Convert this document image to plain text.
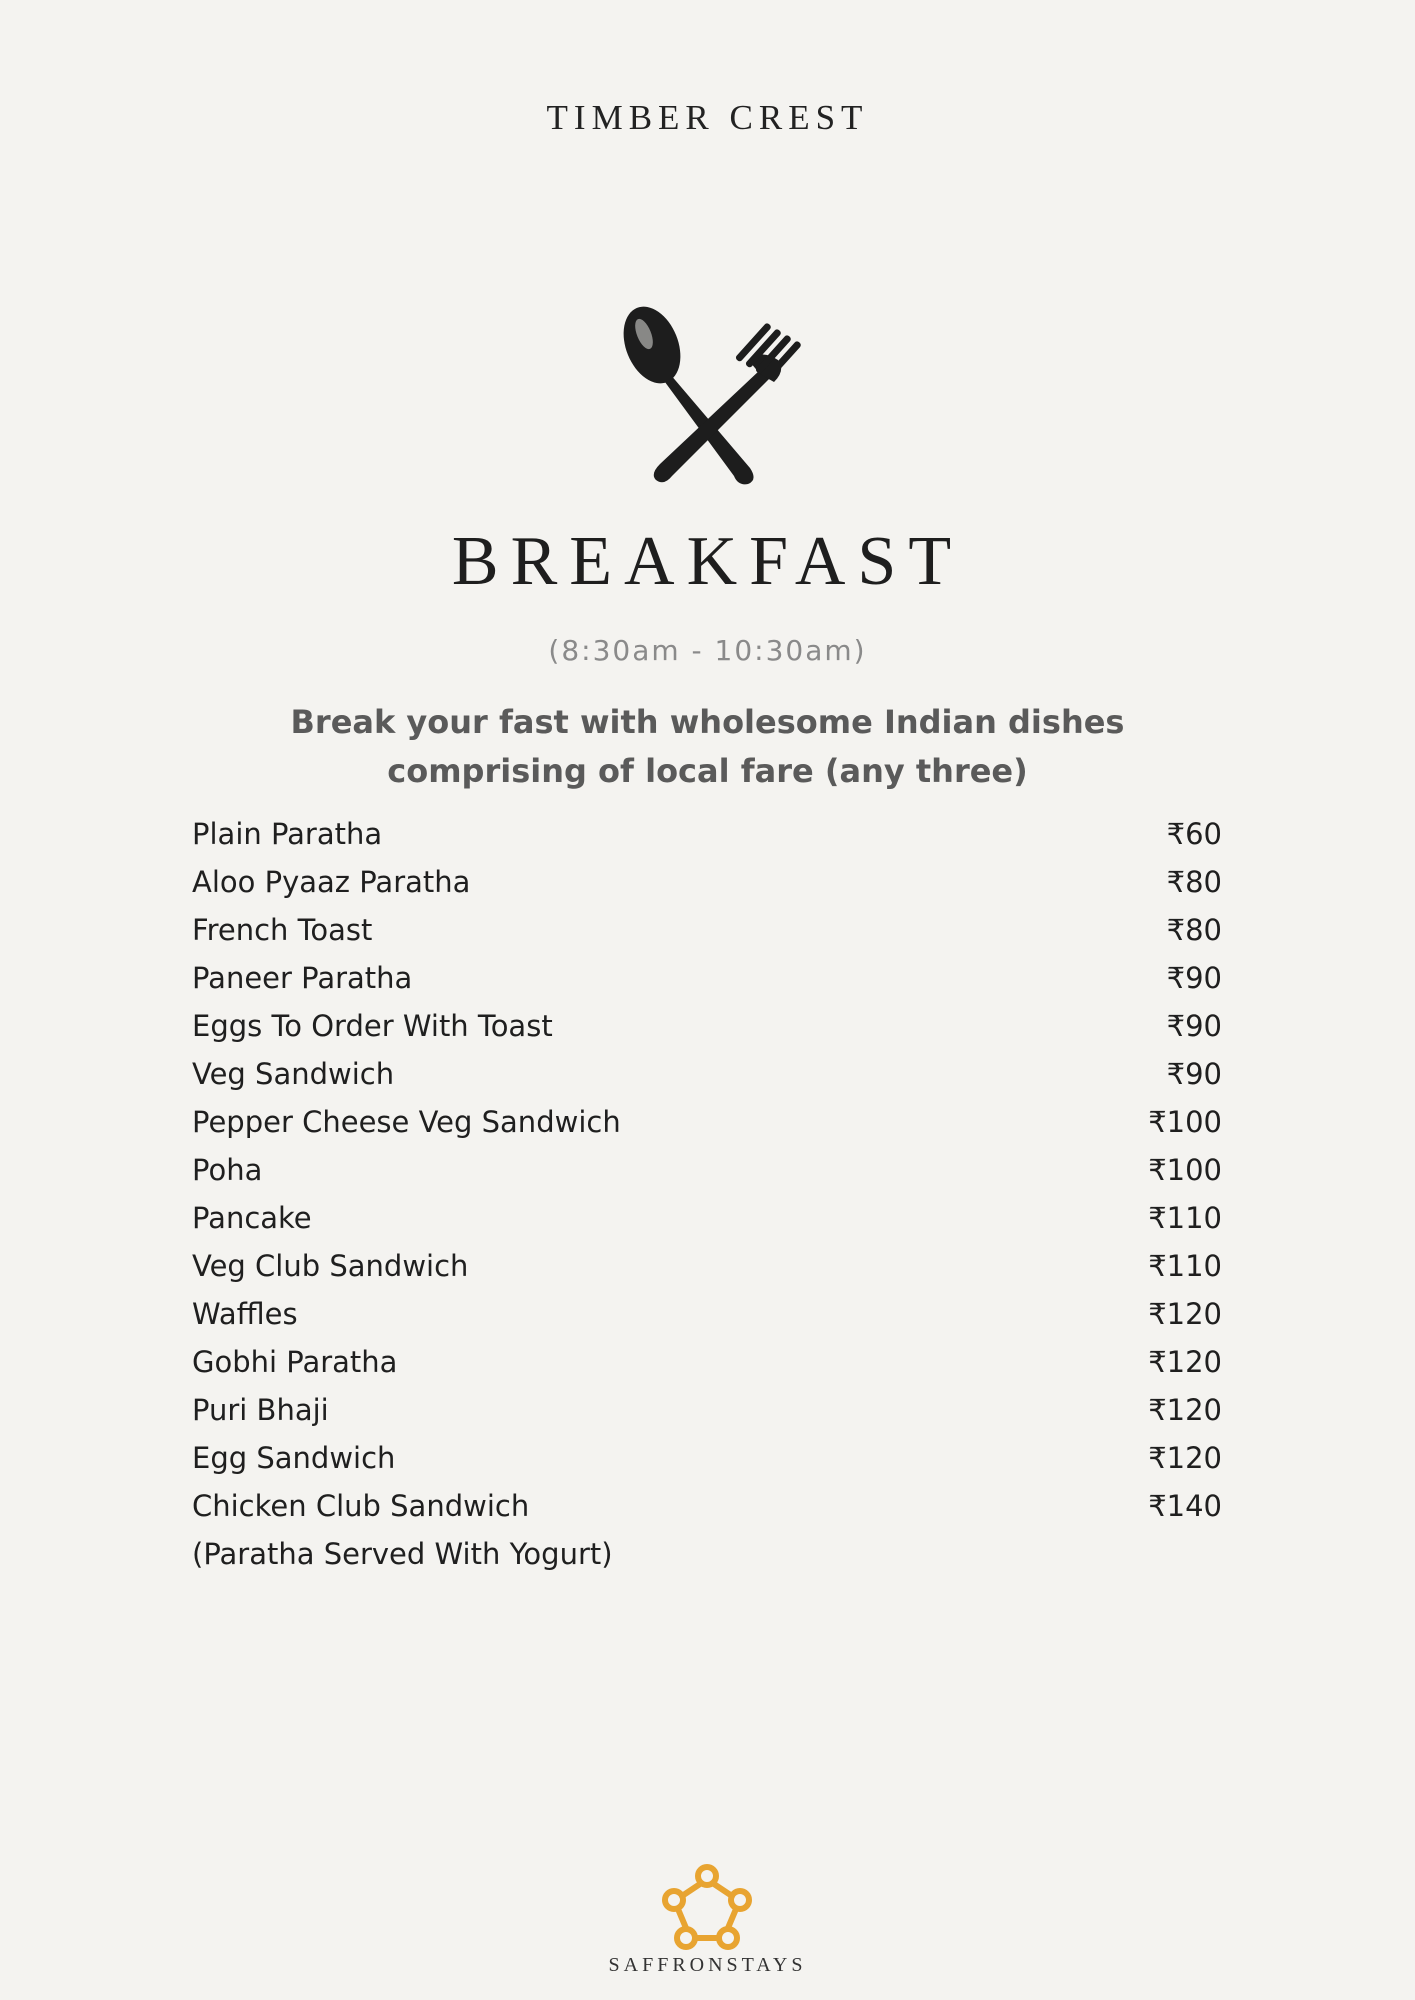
TIMBER CREST
BREAKFAST
(8:30am - 10:30am)
Break your fast with wholesome Indian dishes
comprising of local fare (any three)
Plain Paratha	₹60
Aloo Pyaaz Paratha	₹80
French Toast	₹80
Paneer Paratha	₹90
Eggs To Order With Toast	₹90
Veg Sandwich	₹90
Pepper Cheese Veg Sandwich	₹100
Poha	₹100
Pancake	₹110
Veg Club Sandwich	₹110
Waffles	₹120
Gobhi Paratha	₹120
Puri Bhaji	₹120
Egg Sandwich	₹120
Chicken Club Sandwich	₹140
(Paratha Served With Yogurt)
SAFFRONSTAYS
